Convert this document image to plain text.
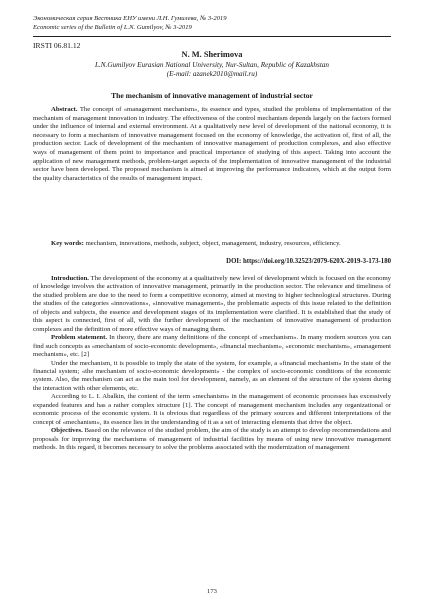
Экономическая серия Вестника ЕНУ имени Л.Н. Гумилева, № 3-2019
Economic series of the Bulletin of L.N. Gumilyov, № 3-2019
IRSTI 06.81.12
N. M. Sherimova
L.N.Gumilyov Eurasian National University, Nur-Sultan, Republic of Kazakhstan
(E-mail: azanek2010@mail.ru)
The mechanism of innovative management of industrial sector
Abstract. The concept of «management mechanism», its essence and types, studied the problems of implementation of the mechanism of management innovation in industry. The effectiveness of the control mechanism depends largely on the factors formed under the influence of internal and external environment. At a qualitatively new level of development of the national economy, it is necessary to form a mechanism of innovative management focused on the economy of knowledge, the activation of, first of all, the production sector. Lack of development of the mechanism of innovative management of production complexes, and also effective ways of management of them point to importance and practical importance of studying of this aspect. Taking into account the application of new management methods, problem-target aspects of the implementation of innovative management of the industrial sector have been developed. The proposed mechanism is aimed at improving the performance indicators, which at the output form the quality characteristics of the results of management impact.
Key words: mechanism, innovations, methods, subject, object, management, industry, resources, efficiency.
DOI: https://doi.org/10.32523/2079-620X-2019-3-173-180

Introduction. The development of the economy at a qualitatively new level of development which is focused on the economy of knowledge involves the activation of innovative management, primarily in the production sector. The relevance and timeliness of the studied problem are due to the need to form a competitive economy, aimed at moving to higher technological structures. During the studies of the categories «innovations», «innovative management», the problematic aspects of this issue related to the definition of objects and subjects, the essence and development stages of its implementation were clarified. It is established that the study of this aspect is connected, first of all, with the further development of the mechanism of innovative management of production complexes and the definition of more effective ways of managing them.

Problem statement. In theory, there are many definitions of the concept of «mechanism». In many modern sources you can find such concepts as «mechanism of socio-economic development», «financial mechanism», «economic mechanism», «management mechanism», etc. [2]

Under the mechanism, it is possible to imply the state of the system, for example, a «financial mechanism» In the state of the financial system; «the mechanism of socio-economic development» - the complex of socio-economic conditions of the economic system. Also, the mechanism can act as the main tool for development, namely, as an element of the structure of the system during the interaction with other elements, etc.

According to L. I. Abalkin, the content of the term «mechanism» in the management of economic processes has excessively expanded features and has a rather complex structure [1]. The concept of management mechanism includes any organizational or economic process of the economic system. It is obvious that regardless of the primary sources and different interpretations of the concept of «mechanism», its essence lies in the understanding of it as a set of interacting elements that drive the object.

Objectives. Based on the relevance of the studied problem, the aim of the study is an attempt to develop recommendations and proposals for improving the mechanisms of management of industrial facilities by means of using new innovative management methods. In this regard, it becomes necessary to solve the problems associated with the modernization of management

173
